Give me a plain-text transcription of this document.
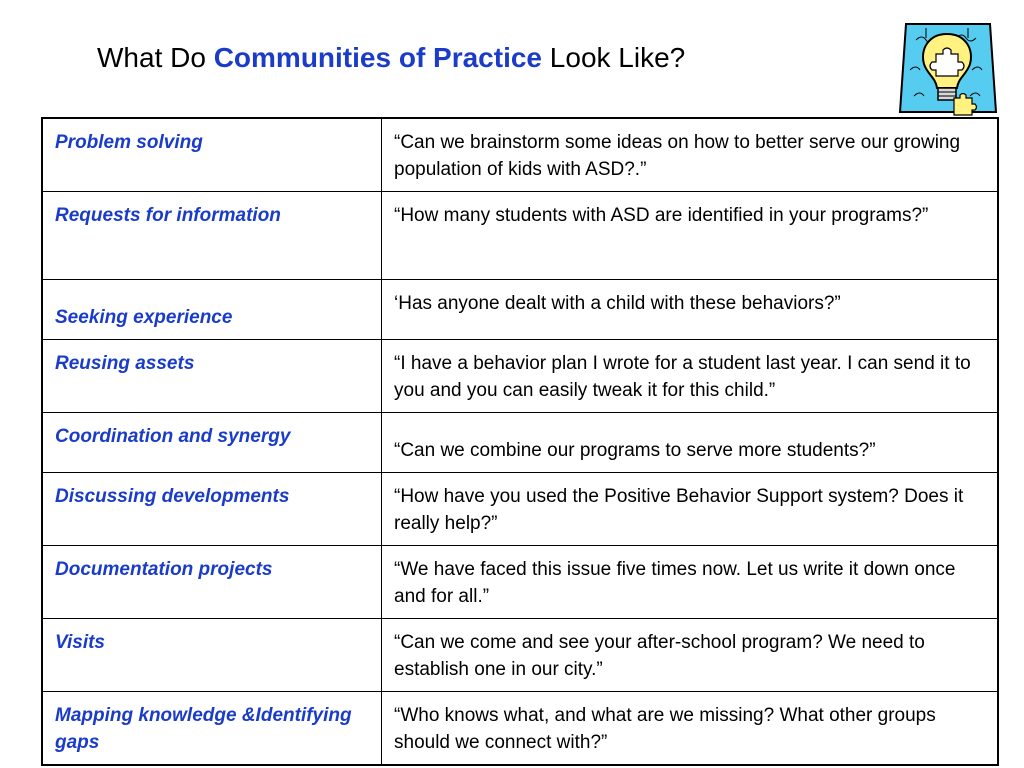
What Do Communities of Practice Look Like?
Problem solving	“Can we brainstorm some ideas on how to better serve our growing population of kids with ASD?.”
Requests for information	“How many students with ASD are identified in your programs?”
Seeking experience	‘Has anyone dealt with a child with these behaviors?”
Reusing assets	“I have a behavior plan I wrote for a student last year. I can send it to you and you can easily tweak it for this child.”
Coordination and synergy	“Can we combine our programs to serve more students?”
Discussing developments	“How have you used the Positive Behavior Support system? Does it really help?”
Documentation projects	“We have faced this issue five times now. Let us write it down once and for all.”
Visits	“Can we come and see your after-school program? We need to establish one in our city.”
Mapping knowledge &Identifying gaps	“Who knows what, and what are we missing? What other groups should we connect with?”
